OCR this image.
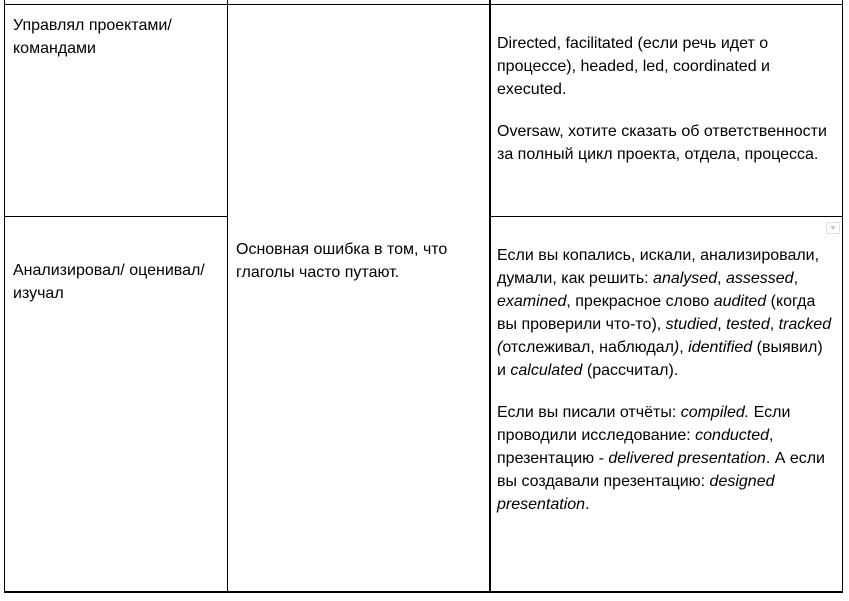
Управлял проектами/командами	Directed, facilitated (если речь идет о процессе), headed, led, coordinated и executed.

Oversaw, хотите сказать об ответственности за полный цикл проекта, отдела, процесса.

Основная ошибка в том, что глаголы часто путают.

Анализировал/ оценивал/изучал

Если вы копались, искали, анализировали, думали, как решить: analysed, assessed, examined, прекрасное слово audited (когда вы проверили что-то), studied, tested, tracked (отслеживал, наблюдал), identified (выявил) и calculated (рассчитал).

Если вы писали отчёты: compiled. Если проводили исследование: conducted, презентацию - delivered presentation. А если вы создавали презентацию: designed presentation.
